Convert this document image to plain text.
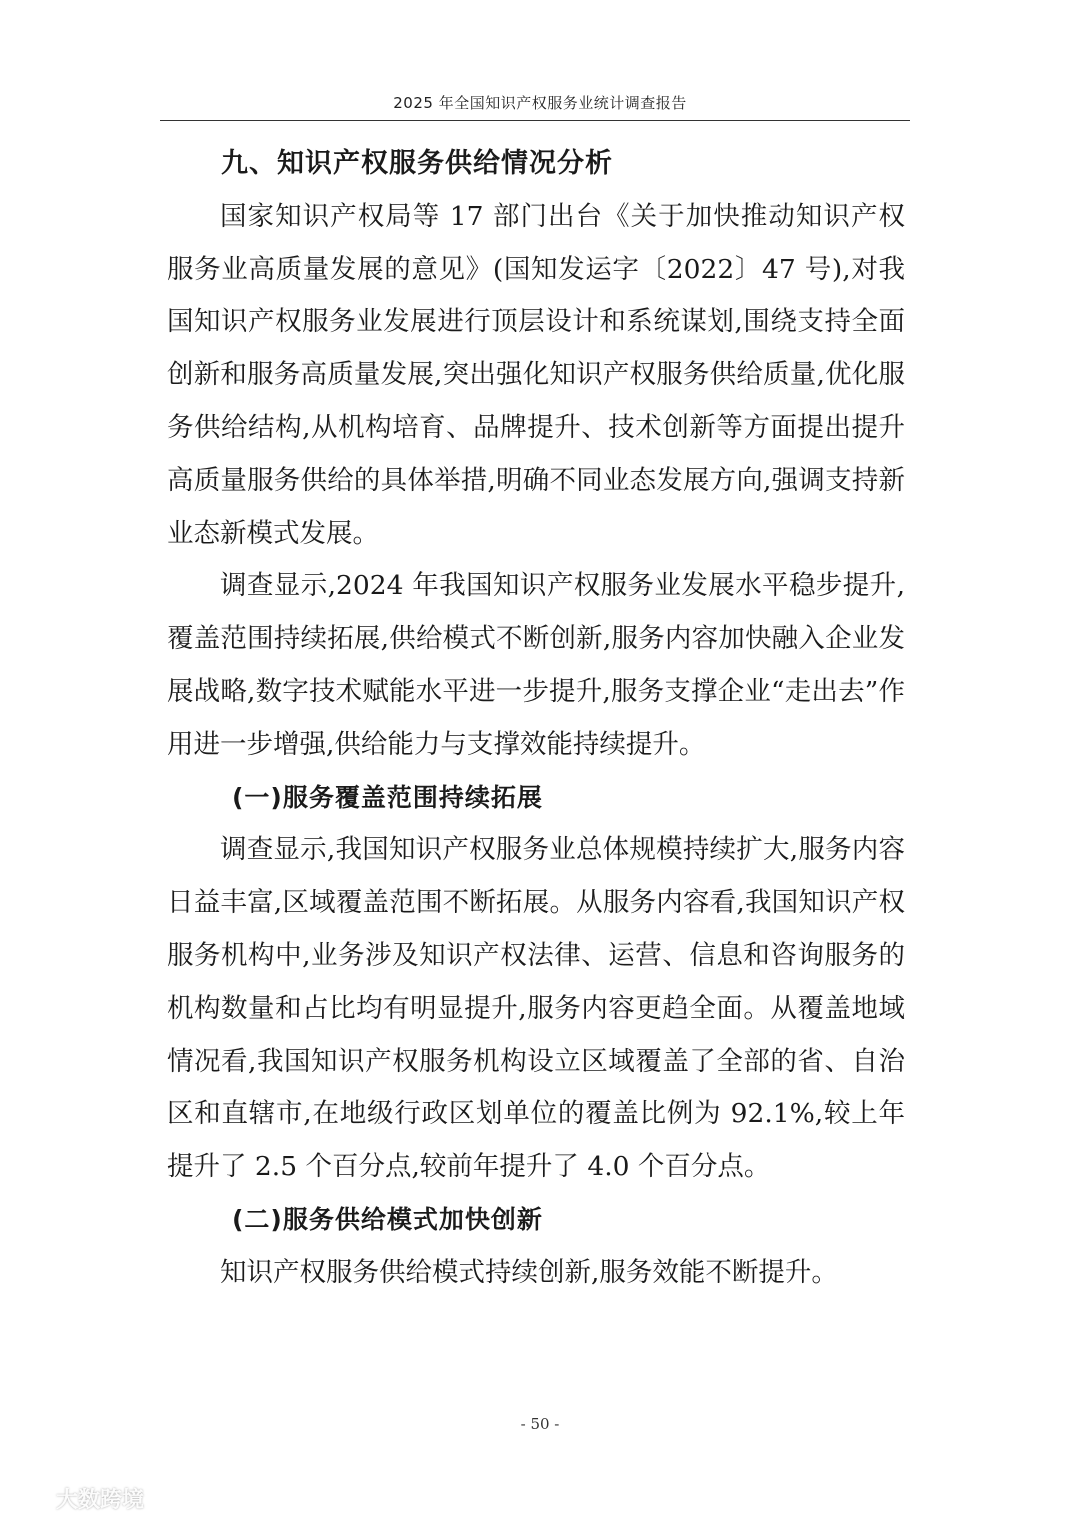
2025 年全国知识产权服务业统计调查报告
九、知识产权服务供给情况分析

国家知识产权局等 17 部门出台《关于加快推动知识产权服务业高质量发展的意见》(国知发运字〔2022〕47 号),对我国知识产权服务业发展进行顶层设计和系统谋划,围绕支持全面创新和服务高质量发展,突出强化知识产权服务供给质量,优化服务供给结构,从机构培育、品牌提升、技术创新等方面提出提升高质量服务供给的具体举措,明确不同业态发展方向,强调支持新业态新模式发展。

调查显示,2024 年我国知识产权服务业发展水平稳步提升,覆盖范围持续拓展,供给模式不断创新,服务内容加快融入企业发展战略,数字技术赋能水平进一步提升,服务支撑企业“走出去”作用进一步增强,供给能力与支撑效能持续提升。

(一)服务覆盖范围持续拓展

调查显示,我国知识产权服务业总体规模持续扩大,服务内容日益丰富,区域覆盖范围不断拓展。从服务内容看,我国知识产权服务机构中,业务涉及知识产权法律、运营、信息和咨询服务的机构数量和占比均有明显提升,服务内容更趋全面。从覆盖地域情况看,我国知识产权服务机构设立区域覆盖了全部的省、自治区和直辖市,在地级行政区划单位的覆盖比例为 92.1%,较上年提升了 2.5 个百分点,较前年提升了 4.0 个百分点。

(二)服务供给模式加快创新

知识产权服务供给模式持续创新,服务效能不断提升。

- 50 -
大数跨境
